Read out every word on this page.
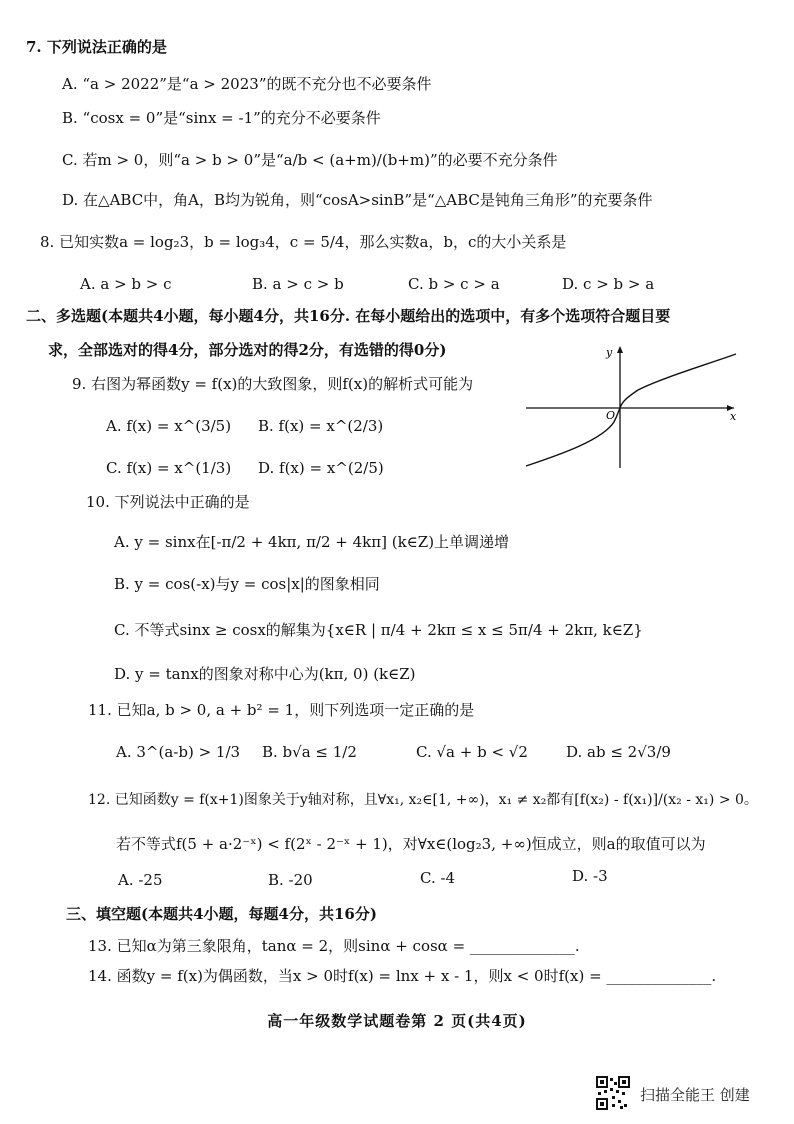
7. 下列说法正确的是
A. “a > 2022”是“a > 2023”的既不充分也不必要条件
B. “cosx = 0”是“sinx = -1”的充分不必要条件
C. 若m > 0，则“a > b > 0”是“a/b < (a+m)/(b+m)”的必要不充分条件
D. 在△ABC中，角A，B均为锐角，则“cosA>sinB”是“△ABC是钝角三角形”的充要条件
8. 已知实数a = log₂3，b = log₃4，c = 5/4，那么实数a，b，c的大小关系是
A. a > b > c	B. a > c > b	C. b > c > a	D. c > b > a
二、多选题(本题共4小题，每小题4分，共16分. 在每小题给出的选项中，有多个选项符合题目要
求，全部选对的得4分，部分选对的得2分，有选错的得0分)
9. 右图为幂函数y = f(x)的大致图象，则f(x)的解析式可能为
A. f(x) = x^(3/5) B. f(x) = x^(2/3)
C. f(x) = x^(1/3) D. f(x) = x^(2/5)
y
x
O
10. 下列说法中正确的是
A. y = sinx在[-π/2 + 4kπ, π/2 + 4kπ] (k∈Z)上单调递增
B. y = cos(-x)与y = cos|x|的图象相同
C. 不等式sinx ≥ cosx的解集为{x∈R | π/4 + 2kπ ≤ x ≤ 5π/4 + 2kπ, k∈Z}
D. y = tanx的图象对称中心为(kπ, 0) (k∈Z)
11. 已知a, b > 0, a + b² = 1，则下列选项一定正确的是
A. 3^(a-b) > 1/3 B. b√a ≤ 1/2	C. √a + b < √2	D. ab ≤ 2√3/9
12. 已知函数y = f(x+1)图象关于y轴对称，且∀x₁, x₂∈[1, +∞)，x₁ ≠ x₂都有[f(x₂) - f(x₁)]/(x₂ - x₁) > 0。
若不等式f(5 + a·2⁻ˣ) < f(2ˣ - 2⁻ˣ + 1)，对∀x∈(log₂3, +∞)恒成立，则a的取值可以为
A. -25	B. -20	C. -4	D. -3
三、填空题(本题共4小题，每题4分，共16分)
13. 已知α为第三象限角，tanα = 2，则sinα + cosα = ______________.
14. 函数y = f(x)为偶函数，当x > 0时f(x) = lnx + x - 1，则x < 0时f(x) = ______________.
高一年级数学试题卷第 2 页(共4页)
扫描全能王 创建
